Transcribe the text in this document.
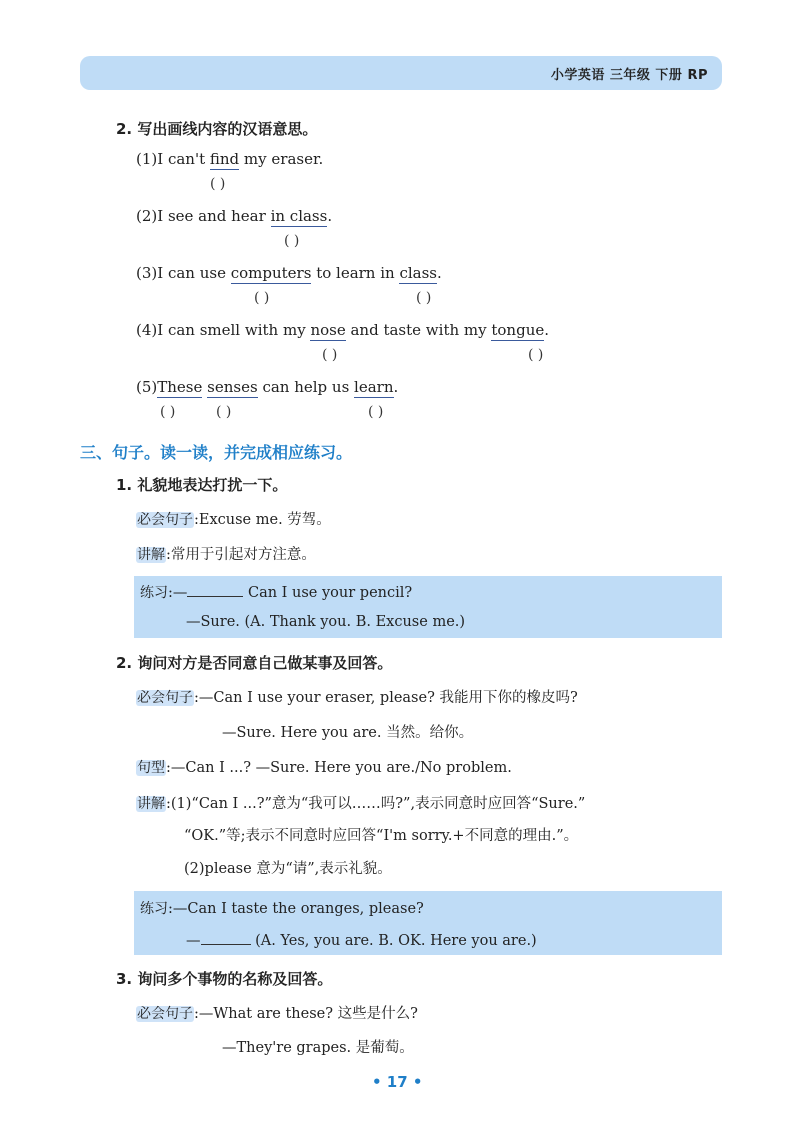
小学英语 三年级 下册 RP
2. 写出画线内容的汉语意思。
(1)I can't find my eraser.
( )
(2)I see and hear in class.
( )
(3)I can use computers to learn in class.
( )	( )
(4)I can smell with my nose and taste with my tongue.
( )	( )
(5)These senses can help us learn.
( )	( )	( )
三、句子。读一读，并完成相应练习。
1. 礼貌地表达打扰一下。
必会句子:Excuse me. 劳驾。
讲解:常用于引起对方注意。
练习:—	Can I use your pencil?
—Sure. (A. Thank you. B. Excuse me.)
2. 询问对方是否同意自己做某事及回答。
必会句子:—Can I use your eraser, please? 我能用下你的橡皮吗?
—Sure. Here you are. 当然。给你。
句型:—Can I ...? —Sure. Here you are./No problem.
讲解:(1)“Can I ...?”意为“我可以……吗?”,表示同意时应回答“Sure.”
“OK.”等;表示不同意时应回答“I'm sorry.+不同意的理由.”。
(2)please 意为“请”,表示礼貌。
练习:—Can I taste the oranges, please?
—	(A. Yes, you are. B. OK. Here you are.)
3. 询问多个事物的名称及回答。
必会句子:—What are these? 这些是什么?
—They're grapes. 是葡萄。
• 17 •
